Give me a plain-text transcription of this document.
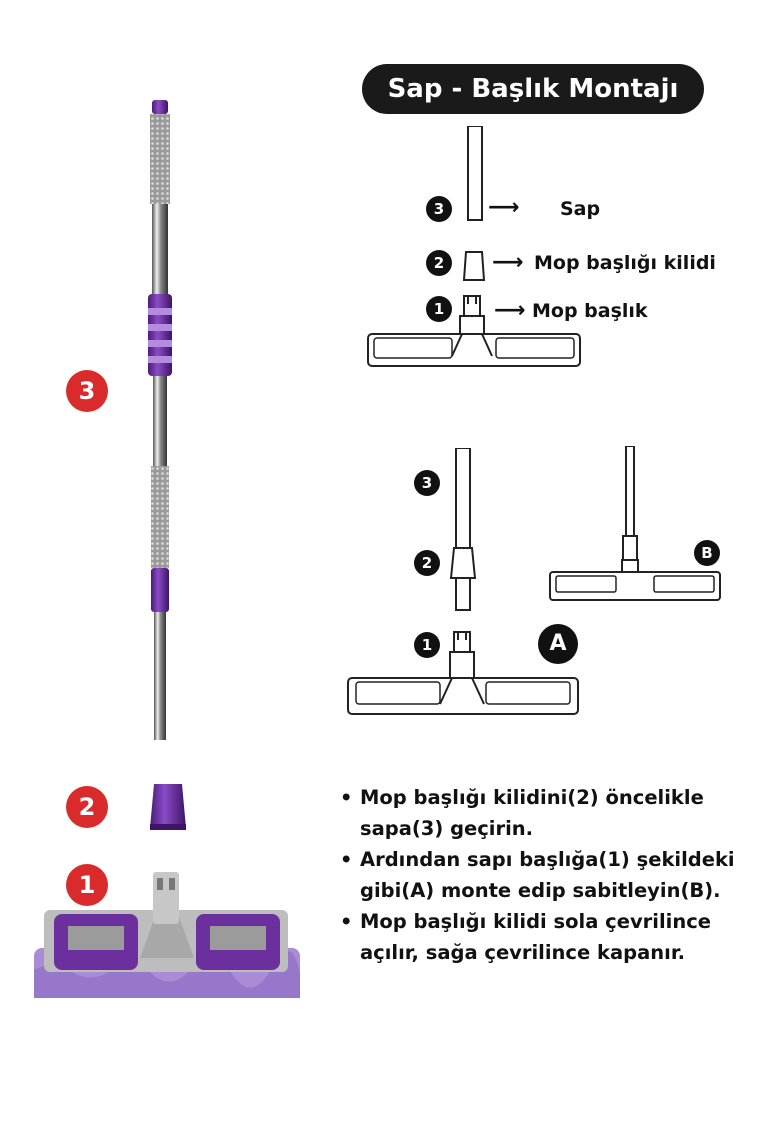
Sap - Başlık Montajı
3
2
1
3	⟶ Sap
2	⟶ Mop başlığı kilidi
1	⟶ Mop başlık
3
2
1	A
B
• Mop başlığı kilidini(2) öncelikle sapa(3) geçirin.
• Ardından sapı başlığa(1) şekildeki gibi(A) monte edip sabitleyin(B).
• Mop başlığı kilidi sola çevrilince açılır, sağa çevrilince kapanır.
